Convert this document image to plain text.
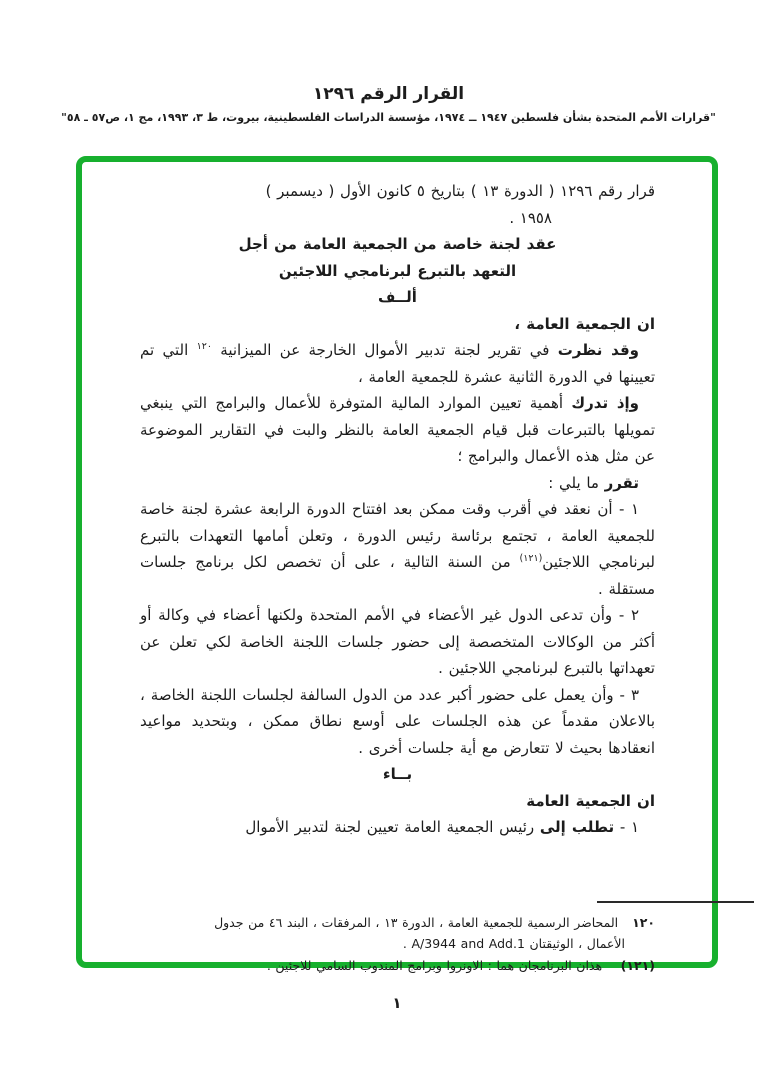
القرار الرقم ١٢٩٦
"قرارات الأمم المتحدة بشأن فلسطين ١٩٤٧ ــ ١٩٧٤، مؤسسة الدراسات الفلسطينية، بيروت، ط ٣، ١٩٩٣، مج ١، ص٥٧ ـ ٥٨"

قرار رقم ١٢٩٦ ( الدورة ١٣ ) بتاريخ ٥ كانون الأول ( ديسمبر )
١٩٥٨ .

عقد لجنة خاصة من الجمعية العامة من أجل

التعهد بالتبرع لبرنامجي اللاجئين

ألــف

ان الجمعية العامة ،

وقد نظرت في تقرير لجنة تدبير الأموال الخارجة عن الميزانية $^{١٢٠}$ التي تم تعيينها في الدورة الثانية عشرة للجمعية العامة ،

وإذ تدرك أهمية تعيين الموارد المالية المتوفرة للأعمال والبرامج التي ينبغي تمويلها بالتبرعات قبل قيام الجمعية العامة بالنظر والبت في التقارير الموضوعة عن مثل هذه الأعمال والبرامج ؛

تقرر ما يلي :

١ - أن نعقد في أقرب وقت ممكن بعد افتتاح الدورة الرابعة عشرة لجنة خاصة للجمعية العامة ، تجتمع برئاسة رئيس الدورة ، وتعلن أمامها التعهدات بالتبرع لبرنامجي اللاجئين$^{(١٢١)}$ من السنة التالية ، على أن تخصص لكل برنامج جلسات مستقلة .

٢ - وأن تدعى الدول غير الأعضاء في الأمم المتحدة ولكنها أعضاء في وكالة أو أكثر من الوكالات المتخصصة إلى حضور جلسات اللجنة الخاصة لكي تعلن عن تعهداتها بالتبرع لبرنامجي اللاجئين .

٣ - وأن يعمل على حضور أكبر عدد من الدول السالفة لجلسات اللجنة الخاصة ، بالاعلان مقدماً عن هذه الجلسات على أوسع نطاق ممكن ، وبتحديد مواعيد انعقادها بحيث لا تتعارض مع أية جلسات أخرى .

بــاء

ان الجمعية العامة

١ - تطلب إلى رئيس الجمعية العامة تعيين لجنة لتدبير الأموال

١٢٠المحاضر الرسمية للجمعية العامة ، الدورة ١٣ ، المرفقات ، البند ٤٦ من جدول
الأعمال ، الوثيقتان A/3944 and Add.1 .
(١٢١) هذان البرنامجان هما : الاونروا وبرامج المندوب السامي للاجئين .
١
